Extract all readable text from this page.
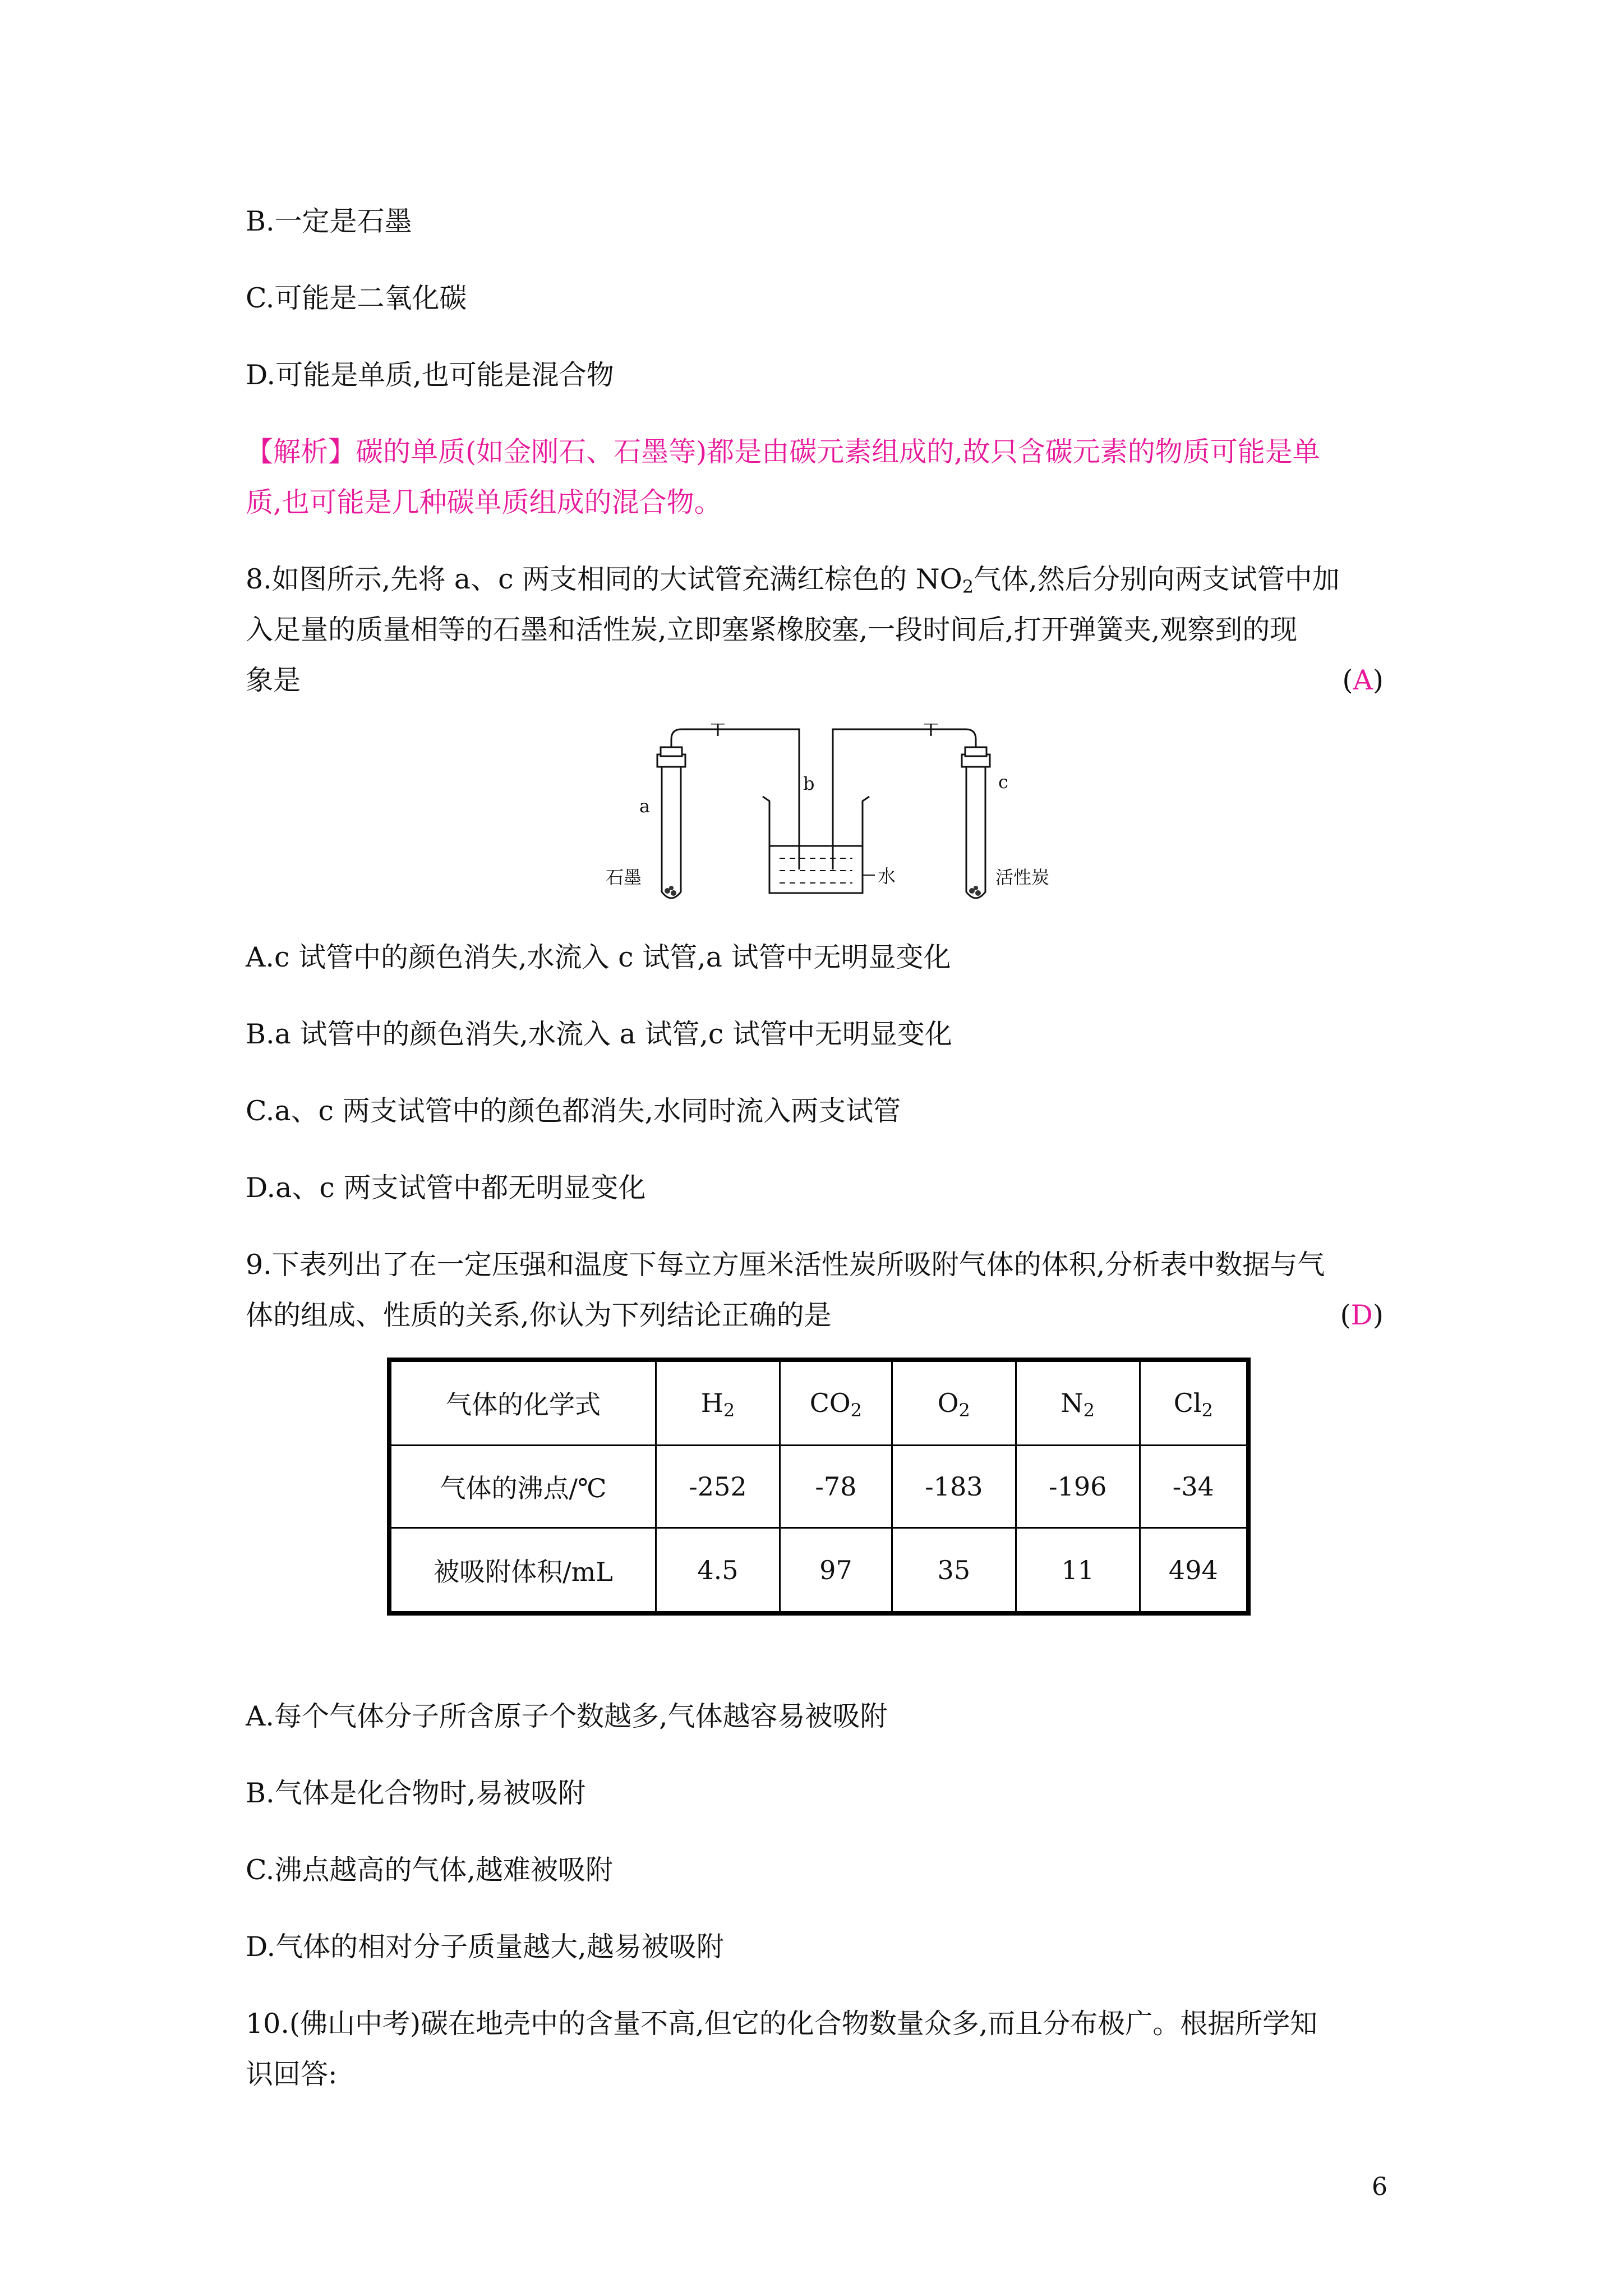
B.一定是石墨
C.可能是二氧化碳
D.可能是单质,也可能是混合物
【解析】碳的单质(如金刚石、石墨等)都是由碳元素组成的,故只含碳元素的物质可能是单
质,也可能是几种碳单质组成的混合物。
8.如图所示,先将 a、c 两支相同的大试管充满红棕色的 $NO_2$气体,然后分别向两支试管中加
入足量的质量相等的石墨和活性炭,立即塞紧橡胶塞,一段时间后,打开弹簧夹,观察到的现
象是	(A)
a
b	c
石墨	水	活性炭
A.c 试管中的颜色消失,水流入 c 试管,a 试管中无明显变化
B.a 试管中的颜色消失,水流入 a 试管,c 试管中无明显变化
C.a、c 两支试管中的颜色都消失,水同时流入两支试管
D.a、c 两支试管中都无明显变化
9.下表列出了在一定压强和温度下每立方厘米活性炭所吸附气体的体积,分析表中数据与气
体的组成、性质的关系,你认为下列结论正确的是	(D)
气体的化学式	$H_2$	$CO_2$	$O_2$	$N_2$	$Cl_2$
气体的沸点/℃	-252	-78	-183	-196	-34
被吸附体积/mL	4.5	97	35	11	494
A.每个气体分子所含原子个数越多,气体越容易被吸附
B.气体是化合物时,易被吸附
C.沸点越高的气体,越难被吸附
D.气体的相对分子质量越大,越易被吸附
10.(佛山中考)碳在地壳中的含量不高,但它的化合物数量众多,而且分布极广。根据所学知
识回答:
6
